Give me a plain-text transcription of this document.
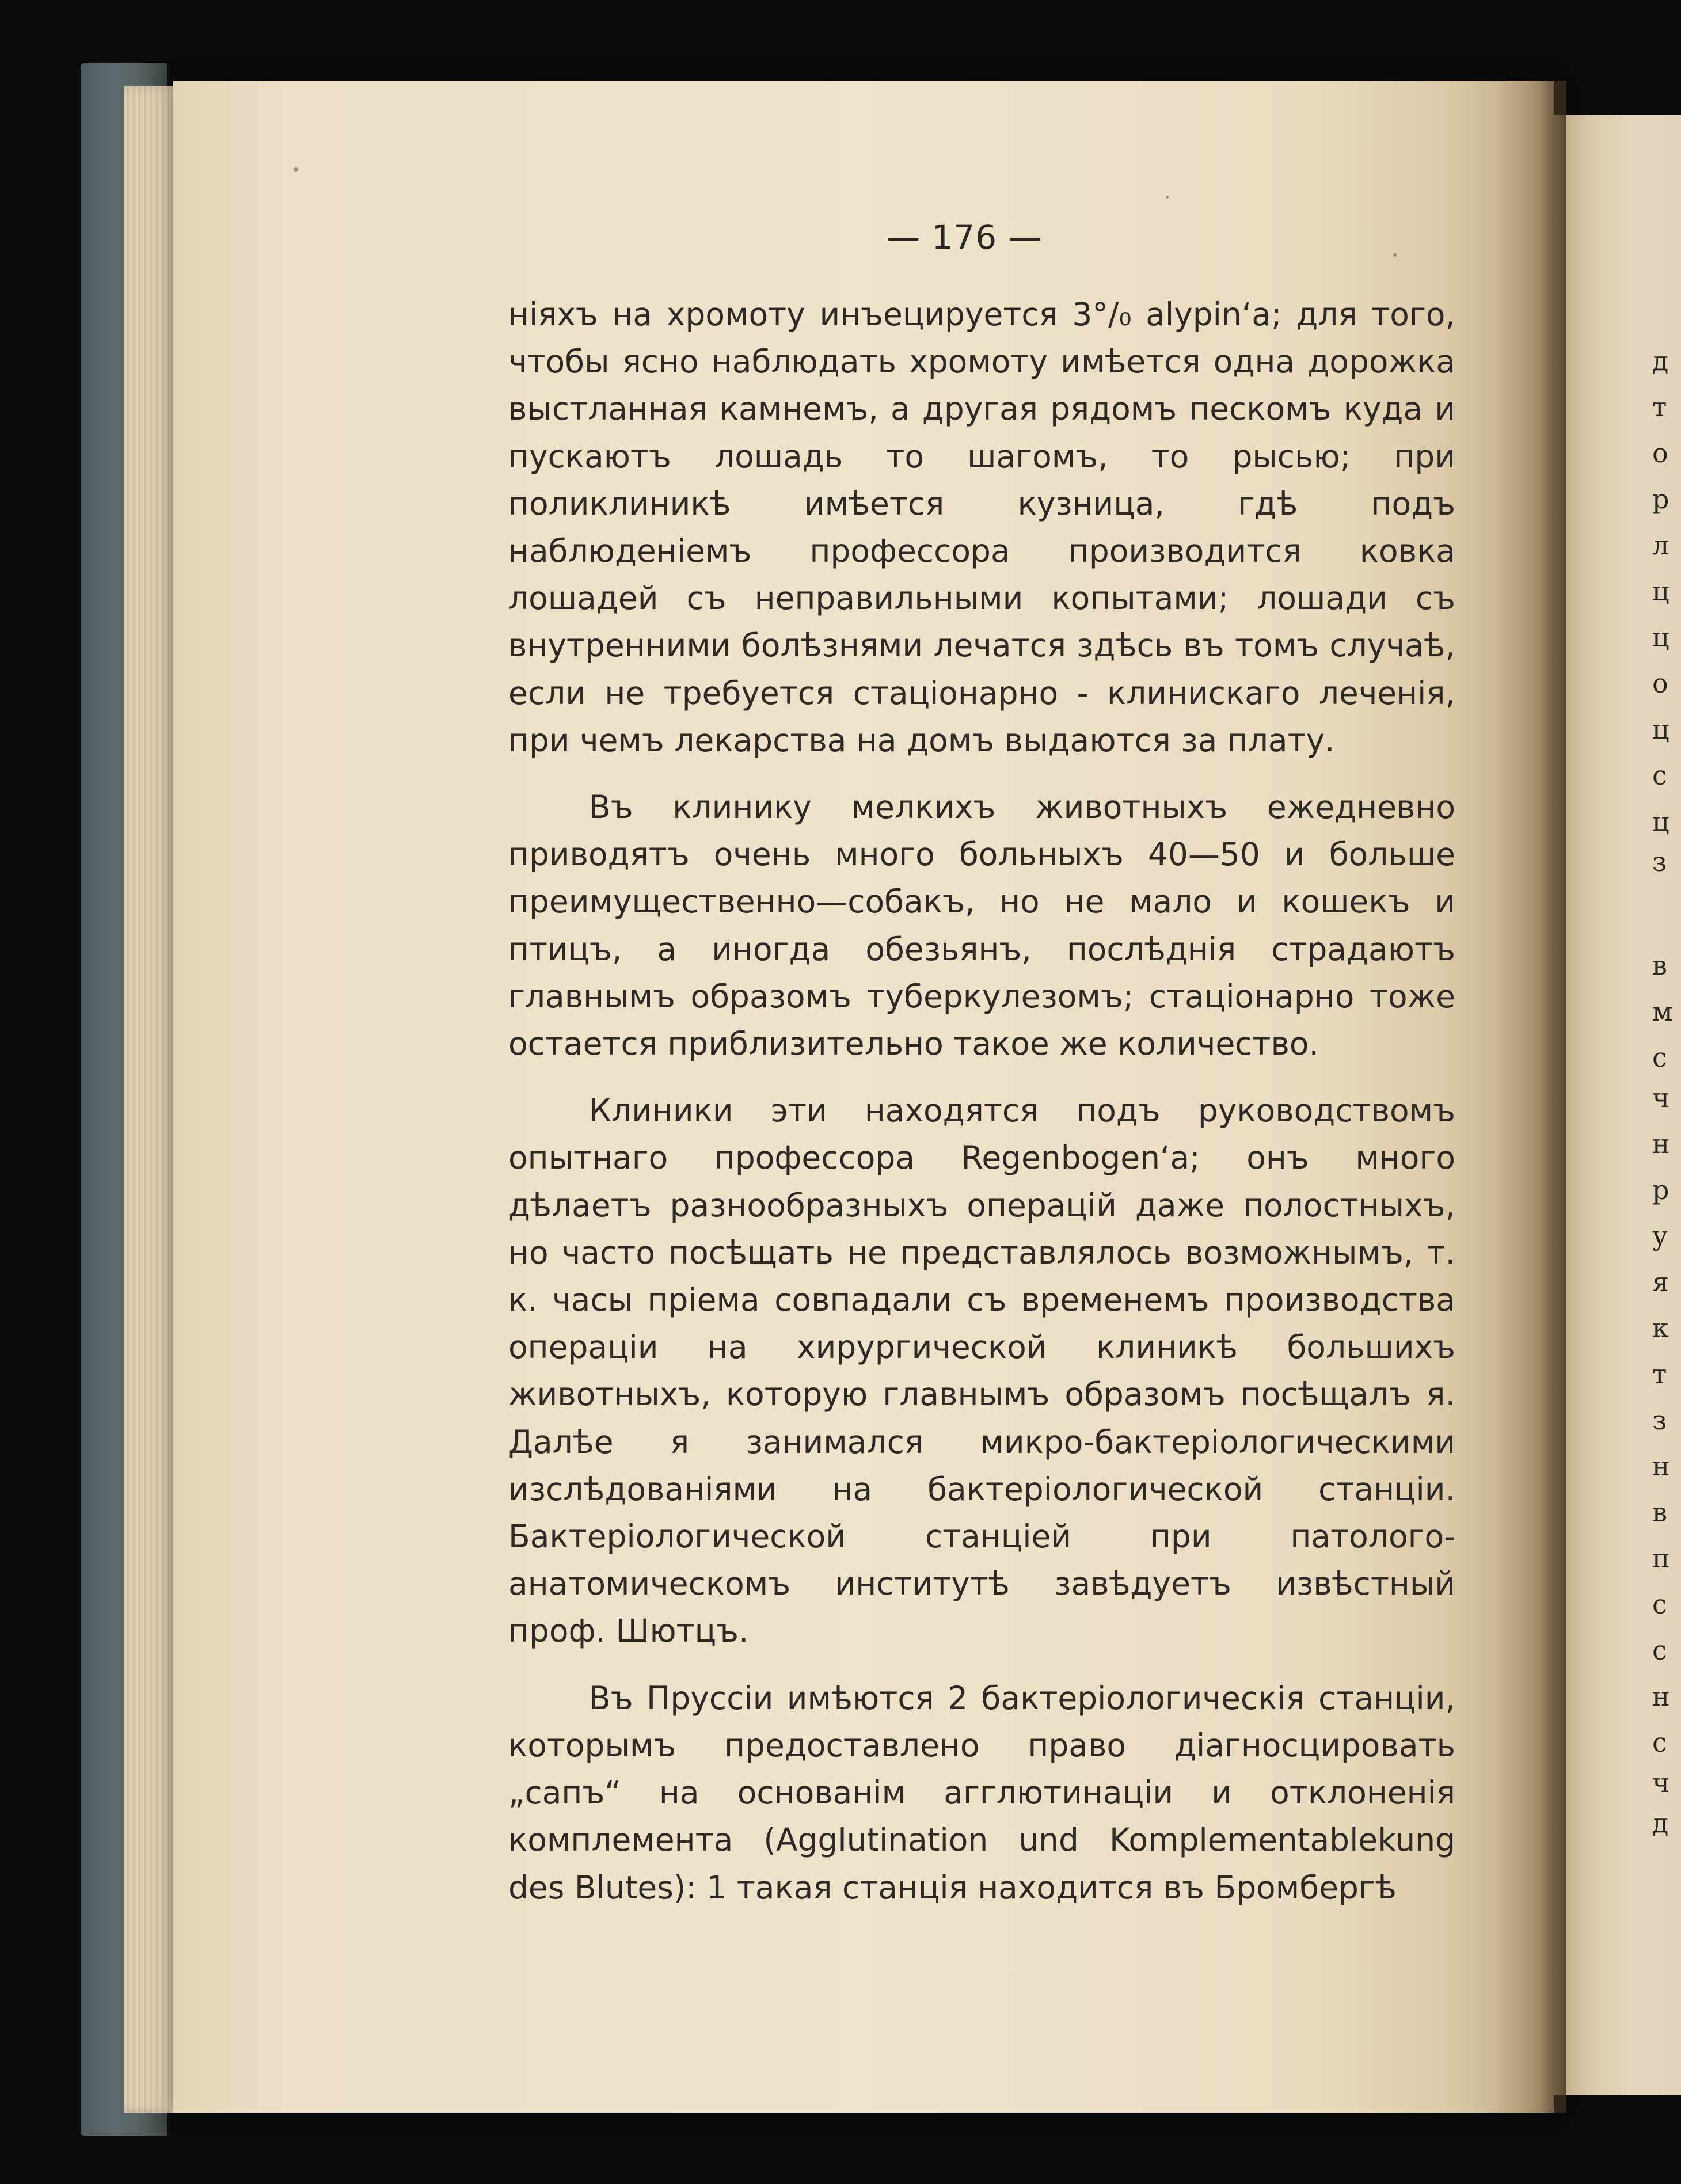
— 176 —

ніяхъ на хромоту инъецируется 3°/₀ alypin‘a; для того, чтобы ясно наблюдать хромоту имѣется одна дорожка выстланная камнемъ, а другая рядомъ пескомъ куда и пускаютъ лошадь то шагомъ, то рысью; при поликлиникѣ имѣется кузница, гдѣ подъ наблюденіемъ профессора производится ковка лошадей съ неправильными копытами; лошади съ внутренними болѣзнями лечатся здѣсь въ томъ случаѣ, если не требуется стаціонарно - клинискаго леченія, при чемъ лекарства на домъ выдаются за плату.

Въ клинику мелкихъ животныхъ ежедневно приводятъ очень много больныхъ 40—50 и больше преимущественно—собакъ, но не мало и кошекъ и птицъ, а иногда обезьянъ, послѣднія страдаютъ главнымъ образомъ туберкулезомъ; стаціонарно тоже остается приблизительно такое же количество.

Клиники эти находятся подъ руководствомъ опытнаго профессора Regenbogen‘a; онъ много дѣлаетъ разнообразныхъ операцій даже полостныхъ, но часто посѣщать не представлялось возможнымъ, т. к. часы пріема совпадали съ временемъ производства операціи на хирургической клиникѣ большихъ животныхъ, которую главнымъ образомъ посѣщалъ я. Далѣе я занимался микро-бактеріологическими изслѣдованіями на бактеріологической станціи. Бактеріологической станціей при патолого-анатомическомъ институтѣ завѣдуетъ извѣстный проф. Шютцъ.

Въ Пруссіи имѣются 2 бактеріологическія станціи, которымъ предоставлено право діагносцировать „сапъ“ на основанім агглютинаціи и отклоненія комплемента (Agglutination und Komplementablekung des Blutes): 1 такая станція находится въ Бромбергѣ

д
т
о
р
л
ц
ц
о
ц
с
ц
з
в
м
с
ч
н
р
у
я
к
т
з
н
в
п
с
с
н
с
ч
д
